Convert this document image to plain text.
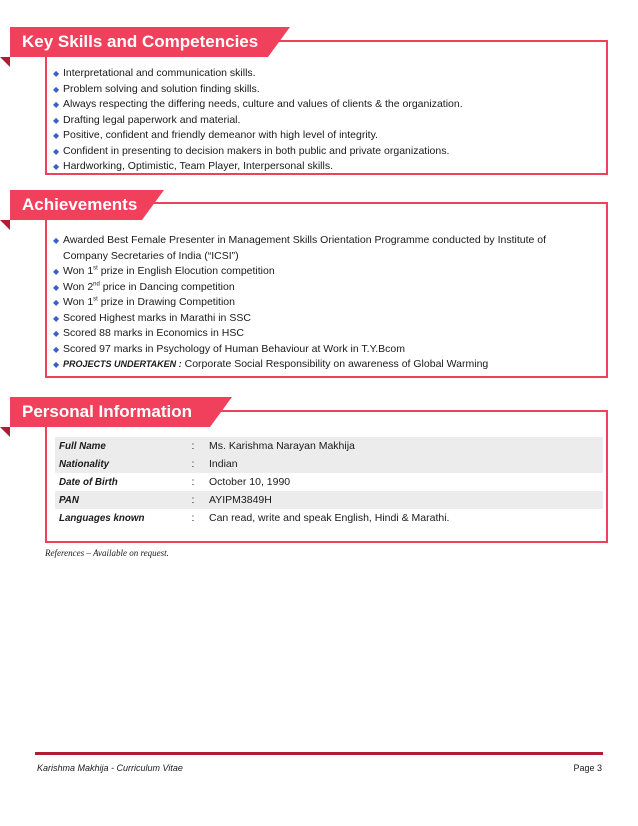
Key Skills and Competencies
◆ Interpretational and communication skills.
◆ Problem solving and solution finding skills.
◆ Always respecting the differing needs, culture and values of clients & the organization.
◆ Drafting legal paperwork and material.
◆ Positive, confident and friendly demeanor with high level of integrity.
◆ Confident in presenting to decision makers in both public and private organizations.
◆ Hardworking, Optimistic, Team Player, Interpersonal skills.
Achievements
◆ Awarded Best Female Presenter in Management Skills Orientation Programme conducted by Institute of
Company Secretaries of India (“ICSI”)
◆ Won 1st prize in English Elocution competition
◆ Won 2nd price in Dancing competition
◆ Won 1st prize in Drawing Competition
◆ Scored Highest marks in Marathi in SSC
◆ Scored 88 marks in Economics in HSC
◆ Scored 97 marks in Psychology of Human Behaviour at Work in T.Y.Bcom
◆ PROJECTS UNDERTAKEN : Corporate Social Responsibility on awareness of Global Warming
Personal Information
Full Name	:	Ms. Karishma Narayan Makhija
Nationality	:	Indian
Date of Birth	:	October 10, 1990
PAN	:	AYIPM3849H
Languages known	:	Can read, write and speak English, Hindi & Marathi.
References – Available on request.
Karishma Makhija - Curriculum Vitae	Page 3
